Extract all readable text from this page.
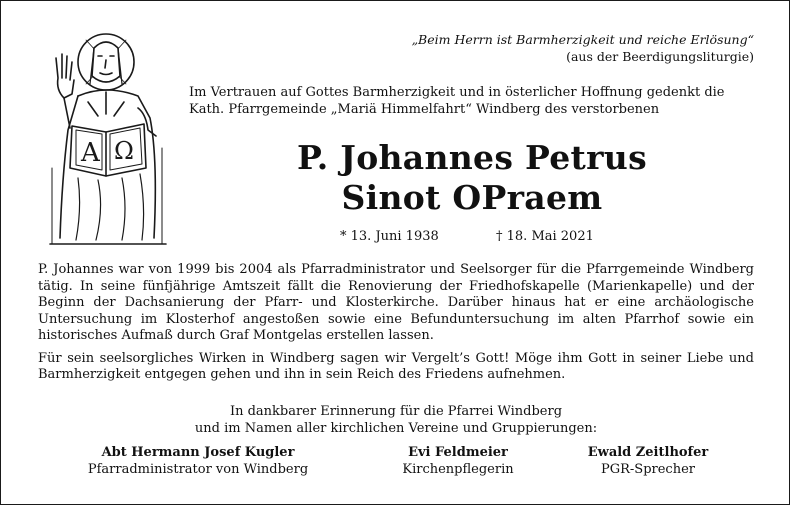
A Ω
„Beim Herrn ist Barmherzigkeit und reiche Erlösung“
(aus der Beerdigungsliturgie)
Im Vertrauen auf Gottes Barmherzigkeit und in österlicher Hoffnung gedenkt die
Kath. Pfarrgemeinde „Mariä Himmelfahrt“ Windberg des verstorbenen
P. Johannes Petrus
Sinot OPraem
* 13. Juni 1938	† 18. Mai 2021

P. Johannes war von 1999 bis 2004 als Pfarradministrator und Seelsorger für die Pfarrgemeinde Windberg tätig. In seine fünfjährige Amtszeit fällt die Renovierung der Friedhofskapelle (Marienkapelle) und der Beginn der Dachsanierung der Pfarr- und Klosterkirche. Darüber hinaus hat er eine archäologische Untersuchung im Klosterhof angestoßen sowie eine Befunduntersuchung im alten Pfarrhof sowie ein historisches Aufmaß durch Graf Montgelas erstellen lassen.

Für sein seelsorgliches Wirken in Windberg sagen wir Vergelt’s Gott! Möge ihm Gott in seiner Liebe und Barmherzigkeit entgegen gehen und ihn in sein Reich des Friedens aufnehmen.

In dankbarer Erinnerung für die Pfarrei Windberg
und im Namen aller kirchlichen Vereine und Gruppierungen:
Abt Hermann Josef Kugler
Pfarradministrator von Windberg
Evi Feldmeier
Kirchenpflegerin
Ewald Zeitlhofer
PGR-Sprecher
